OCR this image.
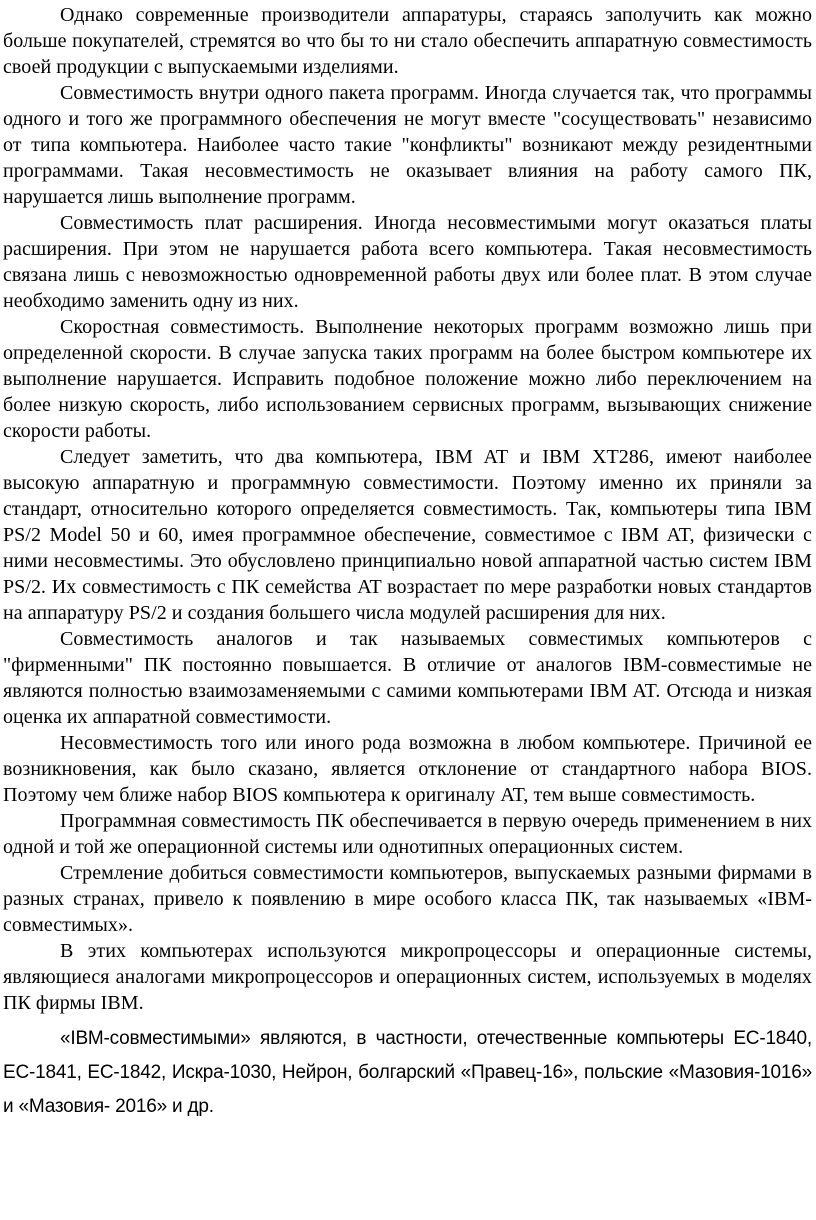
Однако современные производители аппаратуры, стараясь заполучить как можно больше покупателей, стремятся во что бы то ни стало обеспечить аппаратную совместимость своей продукции с выпускаемыми изделиями.

Совместимость внутри одного пакета программ. Иногда случается так, что программы одного и того же программного обеспечения не могут вместе "сосуществовать" независимо от типа компьютера. Наиболее часто такие "конфликты" возникают между резидентными программами. Такая несовместимость не оказывает влияния на работу самого ПК, нарушается лишь выполнение программ.

Совместимость плат расширения. Иногда несовместимыми могут оказаться платы расширения. При этом не нарушается работа всего компьютера. Такая несовместимость связана лишь с невозможностью одновременной работы двух или более плат. В этом случае необходимо заменить одну из них.

Скоростная совместимость. Выполнение некоторых программ возможно лишь при определенной скорости. В случае запуска таких программ на более быстром компьютере их выполнение нарушается. Исправить подобное положение можно либо переключением на более низкую скорость, либо использованием сервисных программ, вызывающих снижение скорости работы.

Следует заметить, что два компьютера, IBM AT и IBM XT286, имеют наиболее высокую аппаратную и программную совместимости. Поэтому именно их приняли за стандарт, относительно которого определяется совместимость. Так, компьютеры типа IBM PS/2 Model 50 и 60, имея программное обеспечение, совместимое с IBM AT, физически с ними несовместимы. Это обусловлено принципиально новой аппаратной частью систем IBM PS/2. Их совместимость с ПК семейства AT возрастает по мере разработки новых стандартов на аппаратуру PS/2 и создания большего числа модулей расширения для них.

Совместимость аналогов и так называемых совместимых компьютеров с "фирменными" ПК постоянно повышается. В отличие от аналогов IBM-совместимые не являются полностью взаимозаменяемыми с самими компьютерами IBM AT. Отсюда и низкая оценка их аппаратной совместимости.

Несовместимость того или иного рода возможна в любом компьютере. Причиной ее возникновения, как было сказано, является отклонение от стандартного набора BIOS. Поэтому чем ближе набор BIOS компьютера к оригиналу AT, тем выше совместимость.

Программная совместимость ПК обеспечивается в первую очередь применением в них одной и той же операционной системы или однотипных операционных систем.

Стремление добиться совместимости компьютеров, выпускаемых разными фирмами в разных странах, привело к появлению в мире особого класса ПК, так называемых «IBM-совместимых».

В этих компьютерах используются микропроцессоры и операционные системы, являющиеся аналогами микропроцессоров и операционных систем, используемых в моделях ПК фирмы IBM.

«IBM-совместимыми» являются, в частности, отечественные компьютеры ЕС-1840, ЕС-1841, ЕС-1842, Искра-1030, Нейрон, болгарский «Правец-16», польские «Мазовия-1016» и «Мазовия- 2016» и др.
